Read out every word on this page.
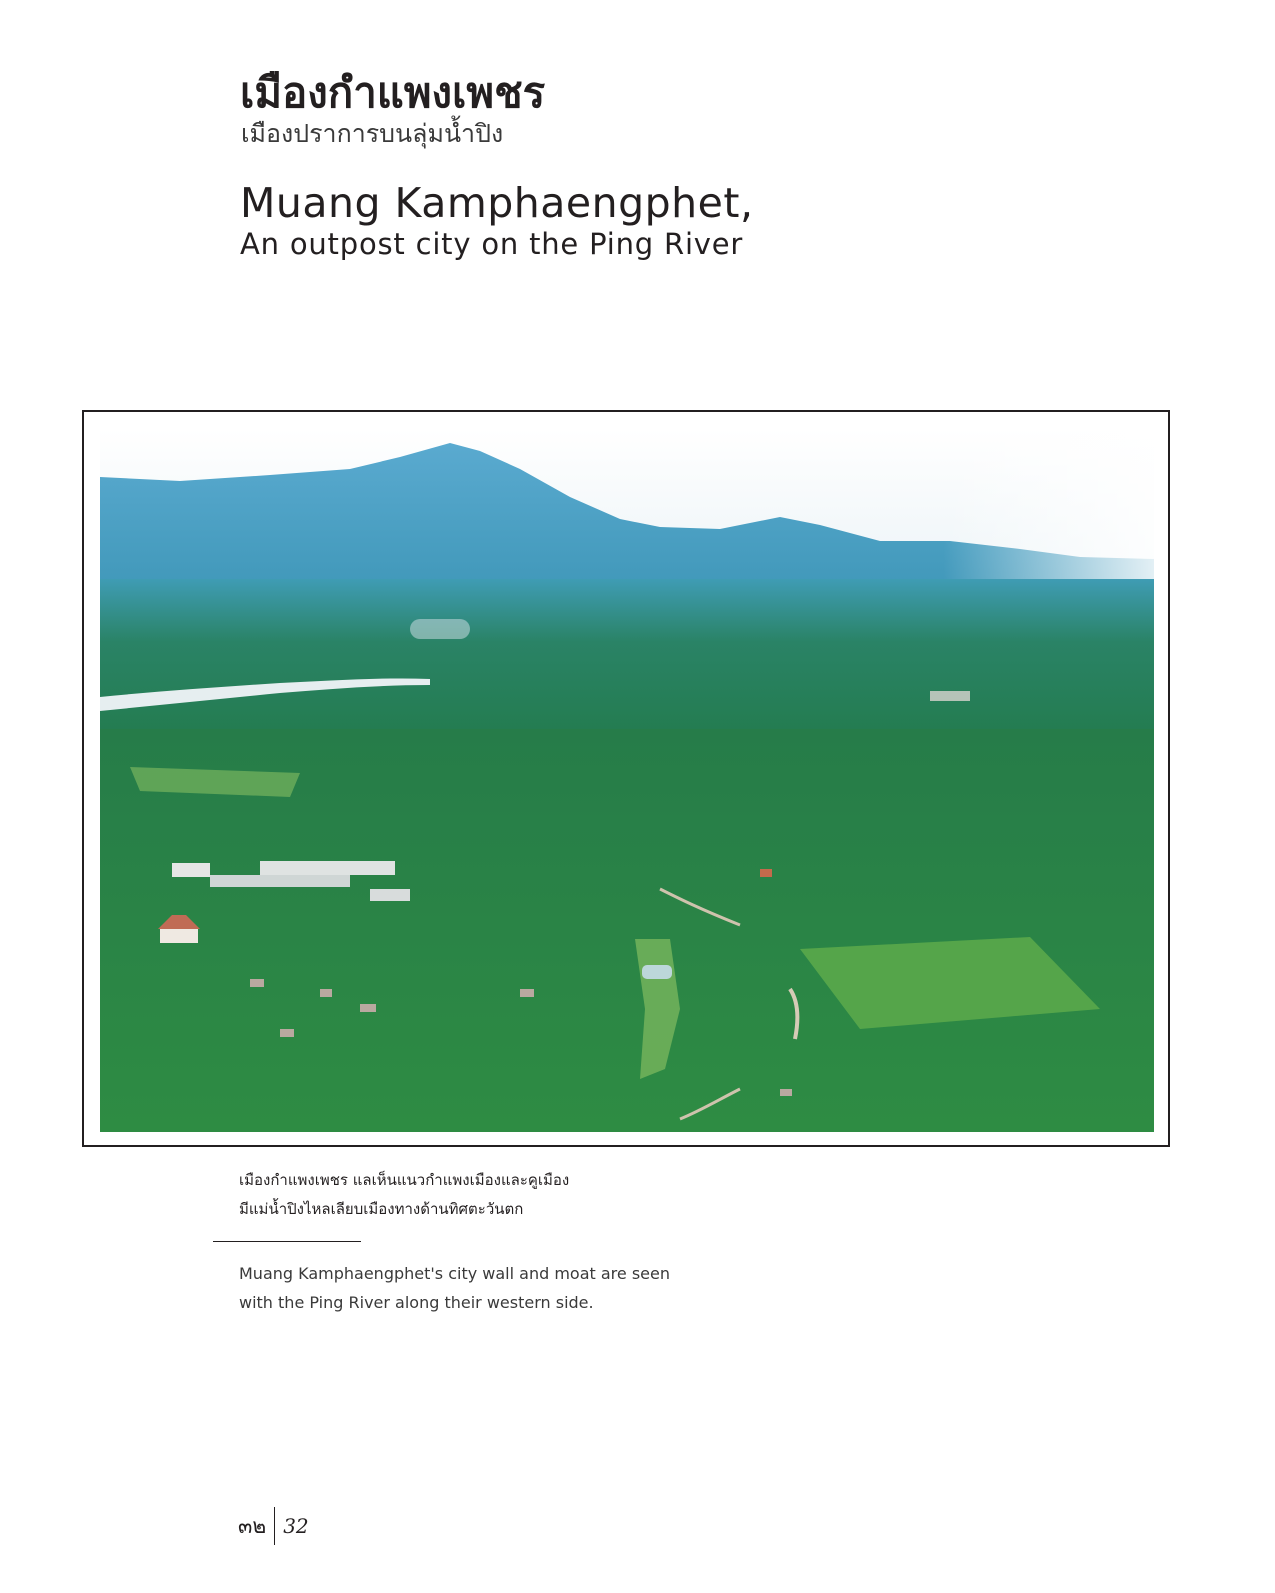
เมืองกำแพงเพชร
เมืองปราการบนลุ่มน้ำปิง
Muang Kamphaengphet,
An outpost city on the Ping River
เมืองกำแพงเพชร แลเห็นแนวกำแพงเมืองและคูเมือง
มีแม่น้ำปิงไหลเลียบเมืองทางด้านทิศตะวันตก
Muang Kamphaengphet's city wall and moat are seen
with the Ping River along their western side.
๓๒ 32
